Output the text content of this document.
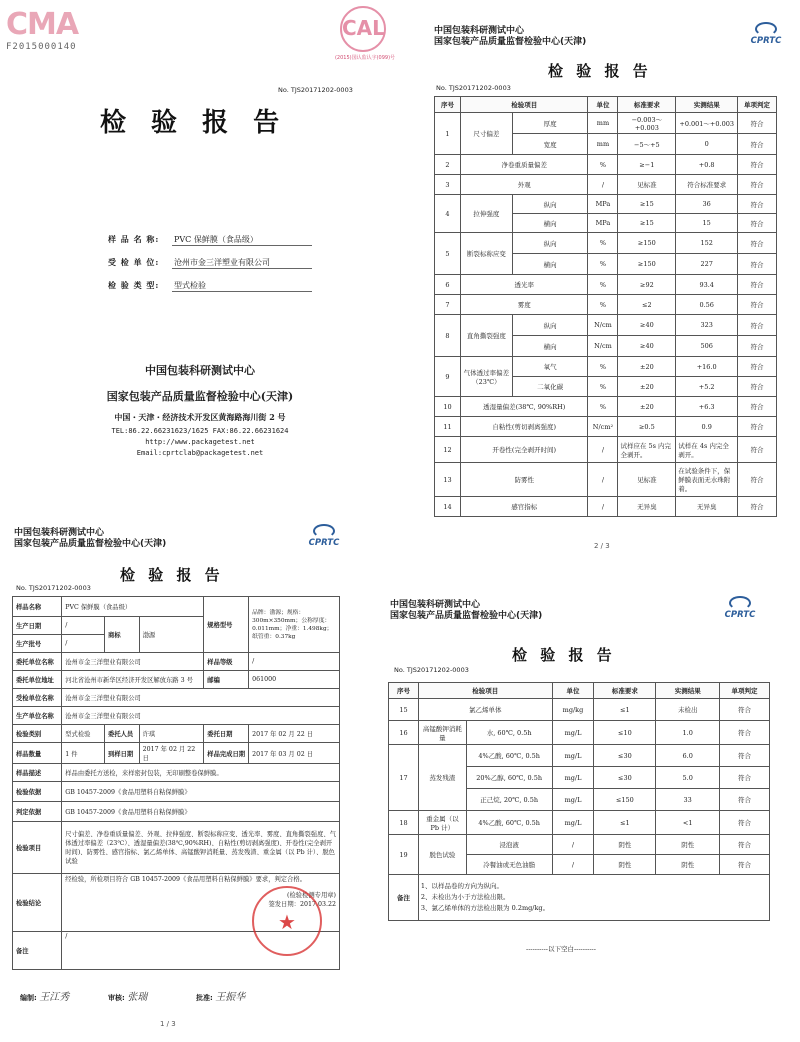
CMA
F2015000140
CAL
(2015)国认监认字(099)号
No. TJS20171202-0003
检 验 报 告
样 品 名 称: PVC 保鲜膜（食品级）
受 检 单 位: 沧州市金三洋塑业有限公司
检 验 类 型: 型式检验
中国包装科研测试中心
国家包装产品质量监督检验中心(天津)
中国・天津・经济技术开发区黄海路海川街 2 号
TEL:86.22.66231623/1625 FAX:86.22.66231624
http://www.packagetest.net
Email:cprtclab@packagetest.net
中国包装科研测试中心
国家包装产品质量监督检验中心(天津)	CPRTC
检 验 报 告
No. TJS20171202-0003
序号	检验项目		单位	标准要求	实测结果	单项判定
1	尺寸偏差	厚度	mm	−0.003～+0.003	+0.001～+0.003	符合
		宽度	mm	−5～+5	0	符合
2	净卷重质量偏差		%	≥−1	+0.8	符合
3	外观		/	见标准	符合标准要求	符合
4	拉伸强度	纵向	MPa	≥15	36	符合
		横向	MPa	≥15	15	符合
5	断裂标称应变	纵向	%	≥150	152	符合
		横向	%	≥150	227	符合
6	透光率		%	≥92	93.4	符合
7	雾度		%	≤2	0.56	符合
8	直角撕裂强度	纵向	N/cm	≥40	323	符合
		横向	N/cm	≥40	506	符合
9	气体透过率偏差（23℃）	氧气	%	±20	+16.0	符合
		二氧化碳	%	±20	+5.2	符合
10	透湿量偏差(38℃, 90%RH)		%	±20	+6.3	符合
11	自粘性(剪切剥离强度)		N/cm²	≥0.5	0.9	符合
12	开卷性(完全剥开时间)		/	试样应在 5s 内完全剥开。	试样在 4s 内完全剥开。	符合
13	防雾性		/	见标准	在试验条件下，保鲜膜表面无水珠附着。	符合
14	感官指标		/	无异臭	无异臭	符合
2 / 3
中国包装科研测试中心
国家包装产品质量监督检验中心(天津)	CPRTC
检 验 报 告
No. TJS20171202-0003
样品名称	PVC 保鲜膜（食品级）			规格型号	品牌：渤源；规格：300m×350mm；公称厚度：0.011mm；净重：1.498kg；纸管重：0.37kg
生产日期	/	商标	渤源		
生产批号	/				
委托单位名称	沧州市金三洋塑业有限公司			样品等级	/
委托单位地址	河北省沧州市新华区经济开发区解放东路 3 号			邮编	061000
受检单位名称	沧州市金三洋塑业有限公司				
生产单位名称	沧州市金三洋塑业有限公司				
检验类别	型式检验	委托人员	许琪	委托日期	2017 年 02 月 22 日
样品数量	1 件	到样日期	2017 年 02 月 22 日	样品完成日期	2017 年 03 月 02 日
样品描述	样品由委托方送检，来样密封包装，无印刷整卷保鲜膜。				
检验依据	GB 10457-2009《食品用塑料自粘保鲜膜》				
判定依据	GB 10457-2009《食品用塑料自粘保鲜膜》				
检验项目	尺寸偏差、净卷重质量偏差、外观、拉伸强度、断裂标称应变、透光率、雾度、直角撕裂强度、气体透过率偏差（23℃）、透湿量偏差(38℃,90%RH)、自粘性(剪切剥离强度)、开卷性(完全剥开时间)、防雾性、感官指标、氯乙烯单体、高锰酸钾消耗量、蒸发残渣、重金属（以 Pb 计）、脱色试验				
检验结论	经检验，所检项目符合 GB 10457-2009《食品用塑料自粘保鲜膜》要求，判定合格。
(检验检测专用章)
签发日期：2017.03.22				

备注	/				
★
编制: 王江秀	审核: 张瑞	批准: 王振华
1 / 3
中国包装科研测试中心
国家包装产品质量监督检验中心(天津)	CPRTC
检 验 报 告
No. TJS20171202-0003
序号	检验项目		单位	标准要求	实测结果	单项判定
15	氯乙烯单体		mg/kg	≤1	未检出	符合
16	高锰酸钾消耗量	水, 60℃, 0.5h	mg/L	≤10	1.0	符合
17	蒸发残渣	4%乙酸, 60℃, 0.5h	mg/L	≤30	6.0	符合
		20%乙醇, 60℃, 0.5h	mg/L	≤30	5.0	符合
		正己烷, 20℃, 0.5h	mg/L	≤150	33	符合
18	重金属（以 Pb 计）	4%乙酸, 60℃, 0.5h	mg/L	≤1	<1	符合
19	脱色试验	浸泡液	/	阴性	阴性	符合
		冷餐油或无色油脂	/	阴性	阴性	符合
备注	1、以样品卷的方向为纵向。
2、未检出为小于方法检出限。
3、氯乙烯单体的方法检出限为 0.2mg/kg。					
----------以下空白----------
